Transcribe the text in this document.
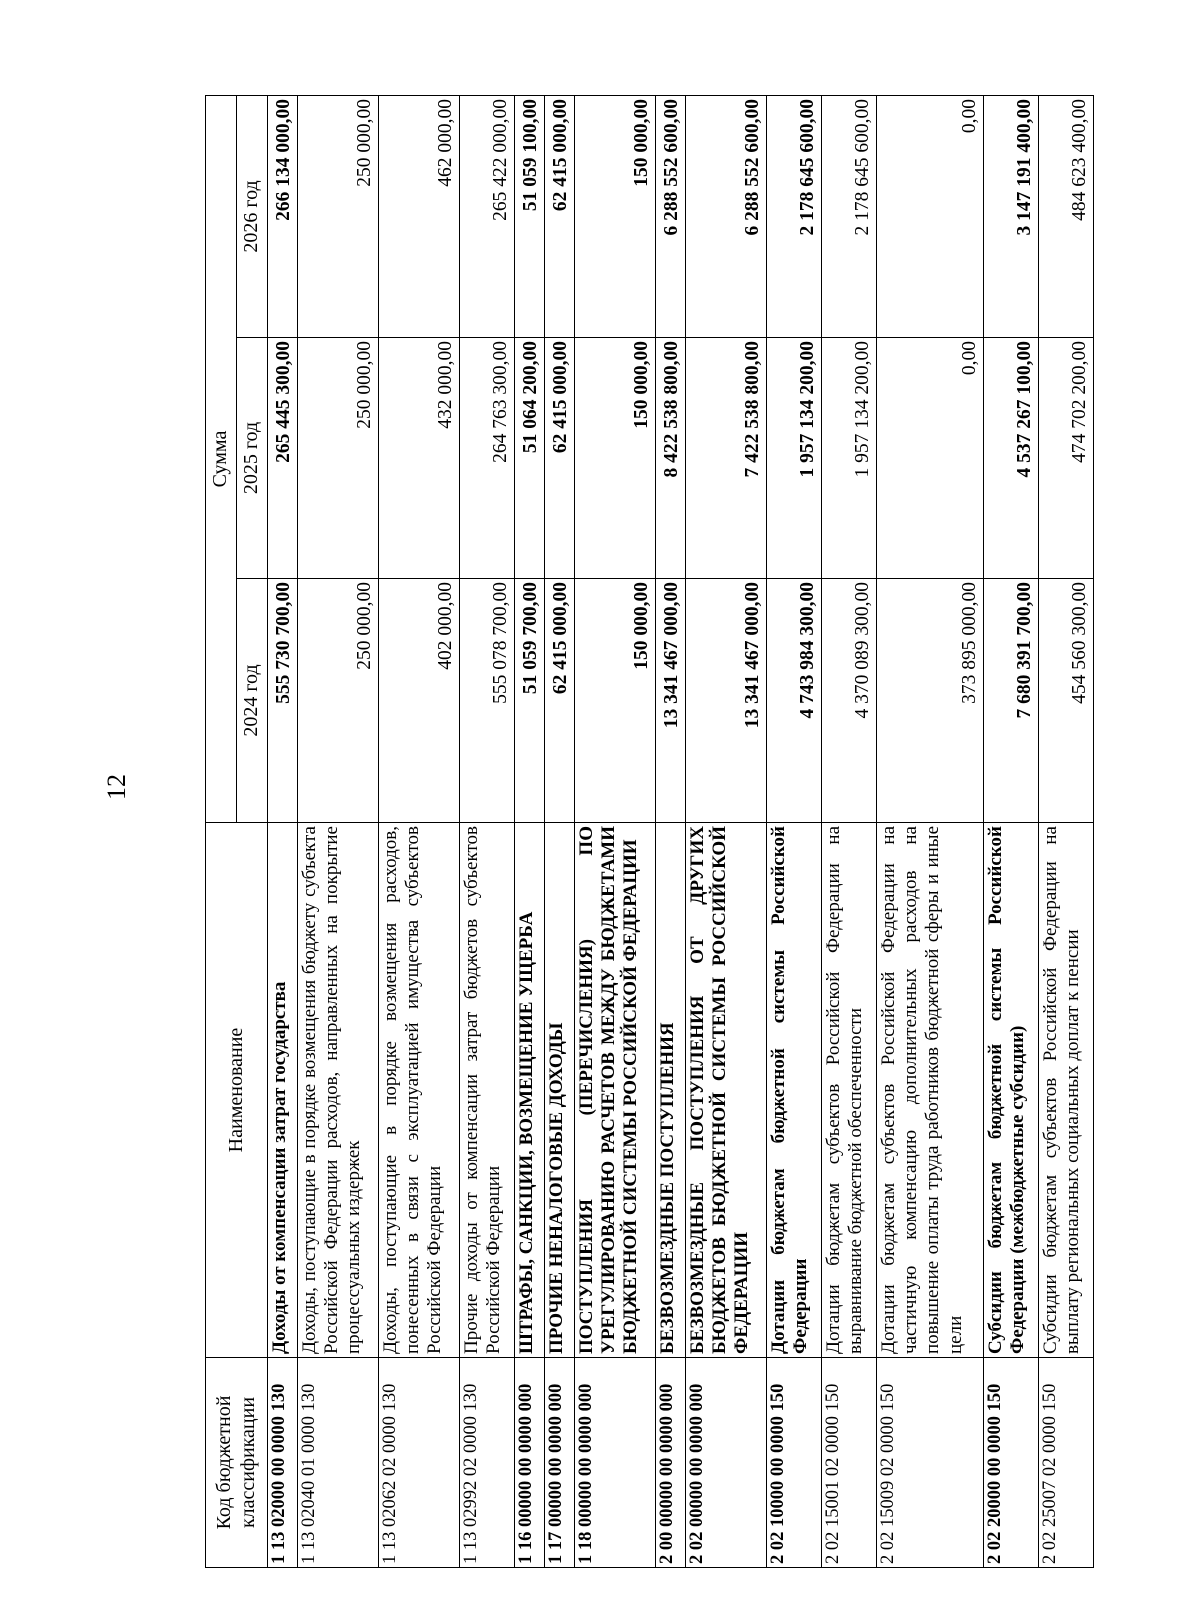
12
Код бюджетной классификации	Наименование	Сумма		
		2024 год	2025 год	2026 год
1 13 02000 00 0000 130	Доходы от компенсации затрат государства	555 730 700,00	265 445 300,00	266 134 000,00
1 13 02040 01 0000 130	Доходы, поступающие в порядке возмещения бюджету субъекта Российской Федерации расходов, направленных на покрытие процессуальных издержек	250 000,00	250 000,00	250 000,00
1 13 02062 02 0000 130	Доходы, поступающие в порядке возмещения расходов, понесенных в связи с эксплуатацией имущества субъектов Российской Федерации	402 000,00	432 000,00	462 000,00
1 13 02992 02 0000 130	Прочие доходы от компенсации затрат бюджетов субъектов Российской Федерации	555 078 700,00	264 763 300,00	265 422 000,00
1 16 00000 00 0000 000	ШТРАФЫ, САНКЦИИ, ВОЗМЕЩЕНИЕ УЩЕРБА	51 059 700,00	51 064 200,00	51 059 100,00
1 17 00000 00 0000 000	ПРОЧИЕ НЕНАЛОГОВЫЕ ДОХОДЫ	62 415 000,00	62 415 000,00	62 415 000,00
1 18 00000 00 0000 000	ПОСТУПЛЕНИЯ (ПЕРЕЧИСЛЕНИЯ) ПО УРЕГУЛИРОВАНИЮ РАСЧЕТОВ МЕЖДУ БЮДЖЕТАМИ БЮДЖЕТНОЙ СИСТЕМЫ РОССИЙСКОЙ ФЕДЕРАЦИИ	150 000,00	150 000,00	150 000,00
2 00 00000 00 0000 000	БЕЗВОЗМЕЗДНЫЕ ПОСТУПЛЕНИЯ	13 341 467 000,00	8 422 538 800,00	6 288 552 600,00
2 02 00000 00 0000 000	БЕЗВОЗМЕЗДНЫЕ ПОСТУПЛЕНИЯ ОТ ДРУГИХ БЮДЖЕТОВ БЮДЖЕТНОЙ СИСТЕМЫ РОССИЙСКОЙ ФЕДЕРАЦИИ	13 341 467 000,00	7 422 538 800,00	6 288 552 600,00
2 02 10000 00 0000 150	Дотации бюджетам бюджетной системы Российской Федерации	4 743 984 300,00	1 957 134 200,00	2 178 645 600,00
2 02 15001 02 0000 150	Дотации бюджетам субъектов Российской Федерации на выравнивание бюджетной обеспеченности	4 370 089 300,00	1 957 134 200,00	2 178 645 600,00
2 02 15009 02 0000 150	Дотации бюджетам субъектов Российской Федерации на частичную компенсацию дополнительных расходов на повышение оплаты труда работников бюджетной сферы и иные цели	373 895 000,00	0,00	0,00
2 02 20000 00 0000 150	Субсидии бюджетам бюджетной системы Российской Федерации (межбюджетные субсидии)	7 680 391 700,00	4 537 267 100,00	3 147 191 400,00
2 02 25007 02 0000 150	Субсидии бюджетам субъектов Российской Федерации на выплату региональных социальных доплат к пенсии	454 560 300,00	474 702 200,00	484 623 400,00
